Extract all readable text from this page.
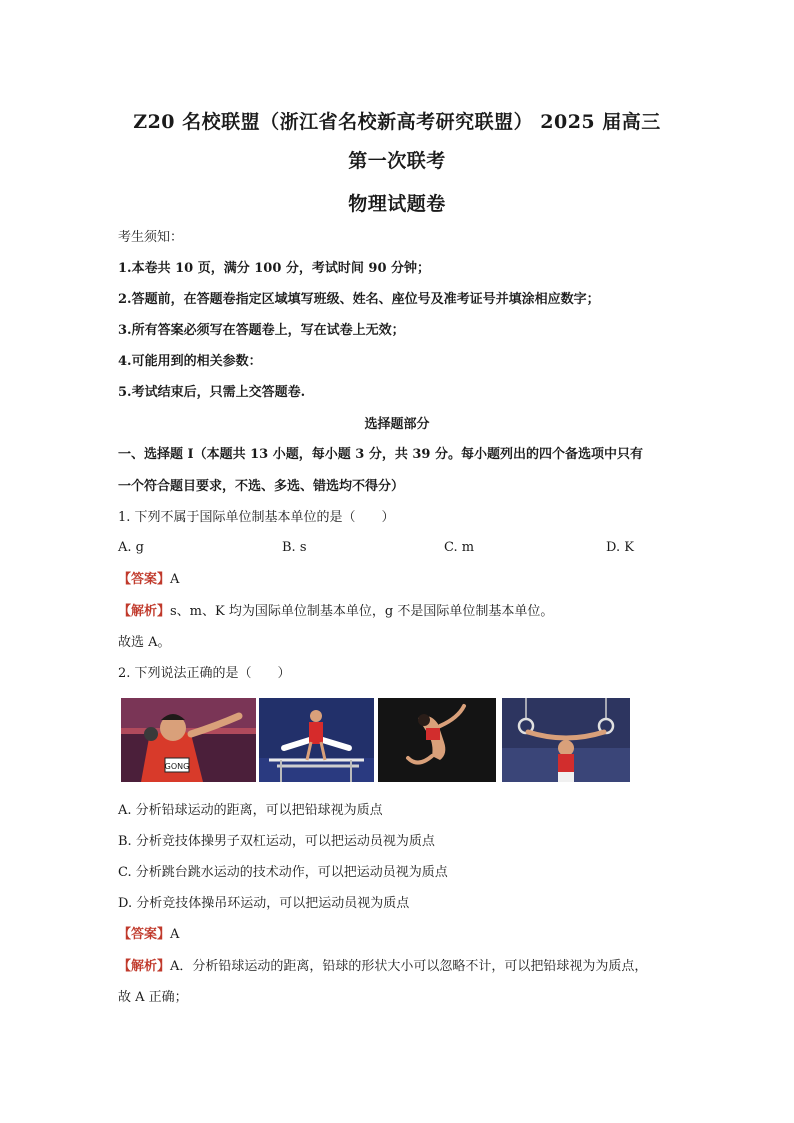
Z20 名校联盟（浙江省名校新高考研究联盟） 2025 届高三
第一次联考
物理试题卷
考生须知：
1.本卷共 10 页，满分 100 分，考试时间 90 分钟；
2.答题前，在答题卷指定区域填写班级、姓名、座位号及准考证号并填涂相应数字；
3.所有答案必须写在答题卷上，写在试卷上无效；
4.可能用到的相关参数：
5.考试结束后，只需上交答题卷.
选择题部分
一、选择题 I（本题共 13 小题，每小题 3 分，共 39 分。每小题列出的四个备选项中只有
一个符合题目要求，不选、多选、错选均不得分）
1. 下列不属于国际单位制基本单位的是（　　）
A. g	B. s	C. m	D. K
【答案】A
【解析】s、m、K 均为国际单位制基本单位，g 不是国际单位制基本单位。
故选 A。
2. 下列说法正确的是（　　）
GONG
A. 分析铅球运动的距离，可以把铅球视为质点
B. 分析竞技体操男子双杠运动，可以把运动员视为质点
C. 分析跳台跳水运动的技术动作，可以把运动员视为质点
D. 分析竞技体操吊环运动，可以把运动员视为质点
【答案】A
【解析】A．分析铅球运动的距离，铅球的形状大小可以忽略不计，可以把铅球视为为质点，
故 A 正确；
